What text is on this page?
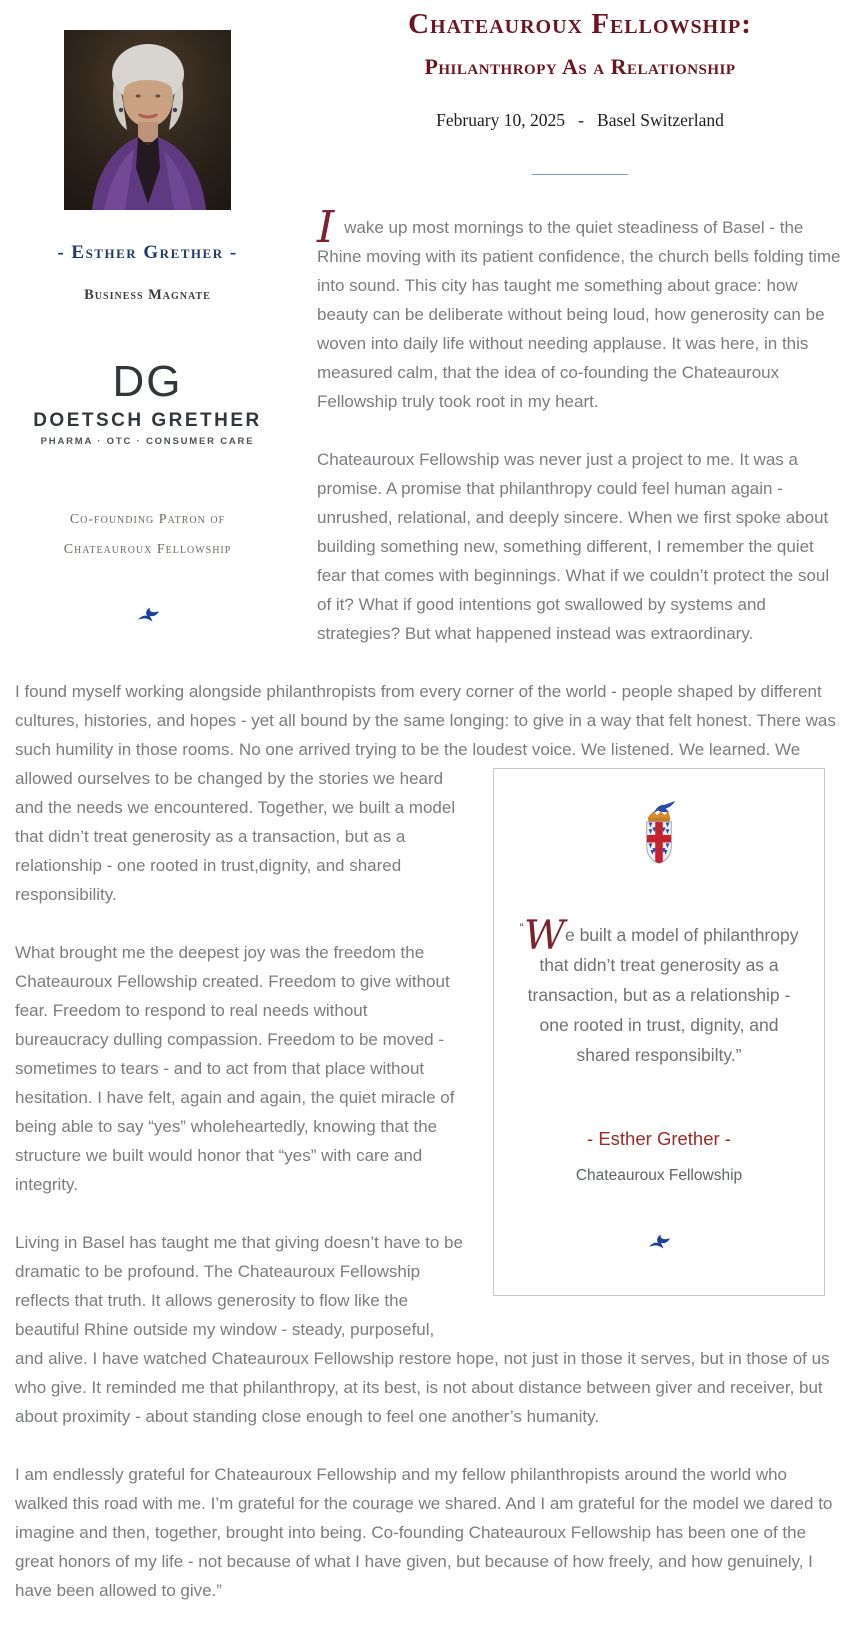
- Esther Grether -
Business Magnate
DG
DOETSCH GRETHER
PHARMA · OTC · CONSUMER CARE
Co-founding Patron of
Chateauroux Fellowship
Chateauroux Fellowship:
Philanthropy As a Relationship

February 10, 2025  -  Basel Switzerland

I wake up most mornings to the quiet steadiness of Basel - the Rhine moving with its patient confidence, the church bells folding time into sound. This city has taught me something about grace: how beauty can be deliberate without being loud, how generosity can be woven into daily life without needing applause. It was here, in this measured calm, that the idea of co-founding the Chateauroux Fellowship truly took root in my heart.

Chateauroux Fellowship was never just a project to me. It was a promise. A promise that philanthropy could feel human again - unrushed, relational, and deeply sincere. When we first spoke about building something new, something different, I remember the quiet fear that comes with beginnings. What if we couldn’t protect the soul of it? What if good intentions got swallowed by systems and strategies? But what happened instead was extraordinary.

I found myself working alongside philanthropists from every corner of the world - people shaped by different cultures, histories, and hopes - yet all bound by the same longing: to give in a way that felt honest. There was such humility in those rooms. No one arrived trying to be the loudest voice. We listened. We learned. We allowed ourselves to be changed by the stories
“We built a model of philanthropy that didn’t treat generosity as a transaction, but as a relationship - one rooted in trust, dignity, and shared responsibilty.”
- Esther Grether -
Chateauroux Fellowship
we heard and the needs we encountered. Together, we built a model that didn’t treat generosity as a transaction, but as a relationship - one rooted in trust,dignity, and shared responsibility.

What brought me the deepest joy was the freedom the Chateauroux Fellowship created. Freedom to give without fear. Freedom to respond to real needs without bureaucracy dulling compassion. Freedom to be moved - sometimes to tears - and to act from that place without hesitation. I have felt, again and again, the quiet miracle of being able to say “yes” wholeheartedly, knowing that the structure we built would honor that “yes” with care and integrity.

Living in Basel has taught me that giving doesn’t have to be dramatic to be profound. The Chateauroux Fellowship reflects that truth. It allows generosity to flow like the beautiful Rhine outside my window - steady, purposeful, and alive. I have watched Chateauroux Fellowship restore hope, not just in those it serves, but in those of us who give. It reminded me that philanthropy, at its best, is not about distance between giver and receiver, but about proximity - about standing close enough to feel one another’s humanity.

I am endlessly grateful for Chateauroux Fellowship and my fellow philanthropists around the world who walked this road with me. I’m grateful for the courage we shared. And I am grateful for the model we dared to imagine and then, together, brought into being. Co-founding Chateauroux Fellowship has been one of the great honors of my life - not because of what I have given, but because of how freely, and how genuinely, I have been allowed to give.”
